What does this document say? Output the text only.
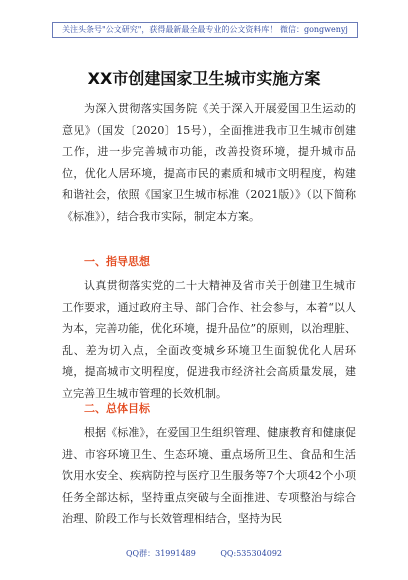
关注头条号"公文研究"，获得最新最全最专业的公文资料库！ 微信：gongwenyj
XX市创建国家卫生城市实施方案

为深入贯彻落实国务院《关于深入开展爱国卫生运动的意见》（国发〔2020〕15号），全面推进我市卫生城市创建工作，进一步完善城市功能，改善投资环境，提升城市品位，优化人居环境，提高市民的素质和城市文明程度，构建和谐社会，依照《国家卫生城市标准（2021版）》（以下简称《标准》），结合我市实际，制定本方案。

一、指导思想

认真贯彻落实党的二十大精神及省市关于创建卫生城市工作要求，通过政府主导、部门合作、社会参与，本着“以人为本，完善功能，优化环境，提升品位”的原则，以治理脏、乱、差为切入点，全面改变城乡环境卫生面貌优化人居环境，提高城市文明程度，促进我市经济社会高质量发展，建立完善卫生城市管理的长效机制。

二、总体目标

根据《标准》，在爱国卫生组织管理、健康教育和健康促进、市容环境卫生、生态环境、重点场所卫生、食品和生活饮用水安全、疾病防控与医疗卫生服务等7个大项42个小项任务全部达标，坚持重点突破与全面推进、专项整治与综合治理、阶段工作与长效管理相结合，坚持为民

QQ群：31991489 QQ:535304092
